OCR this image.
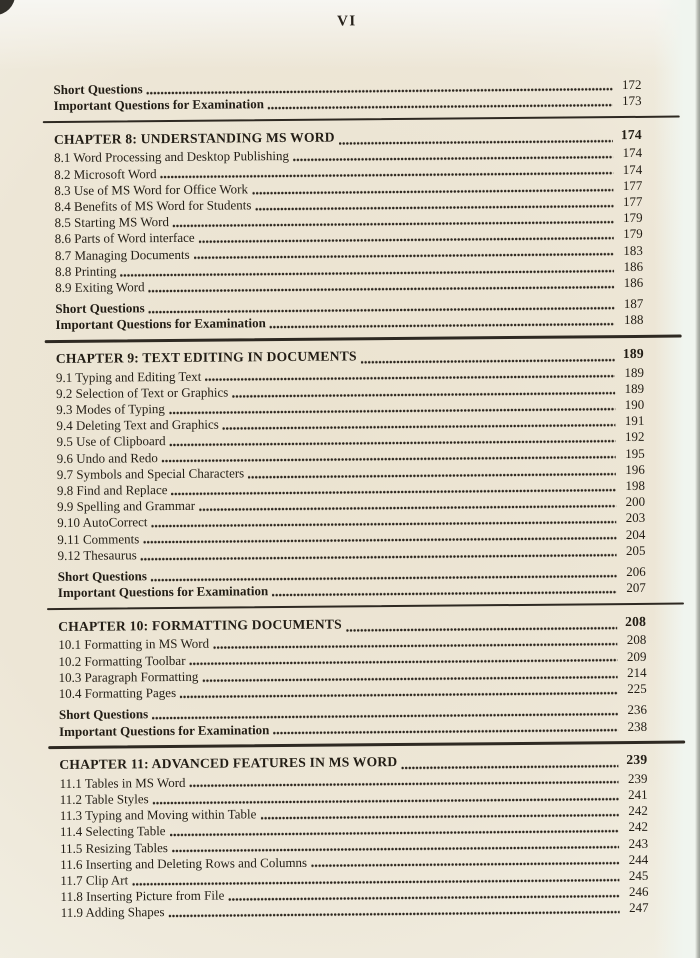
VI
Short Questions	172
Important Questions for Examination	173
CHAPTER 8: UNDERSTANDING MS WORD	174
8.1 Word Processing and Desktop Publishing	174
8.2 Microsoft Word	174
8.3 Use of MS Word for Office Work	177
8.4 Benefits of MS Word for Students	177
8.5 Starting MS Word	179
8.6 Parts of Word interface	179
8.7 Managing Documents	183
8.8 Printing	186
8.9 Exiting Word	186
Short Questions	187
Important Questions for Examination	188
CHAPTER 9: TEXT EDITING IN DOCUMENTS	189
9.1 Typing and Editing Text	189
9.2 Selection of Text or Graphics	189
9.3 Modes of Typing	190
9.4 Deleting Text and Graphics	191
9.5 Use of Clipboard	192
9.6 Undo and Redo	195
9.7 Symbols and Special Characters	196
9.8 Find and Replace	198
9.9 Spelling and Grammar	200
9.10 AutoCorrect	203
9.11 Comments	204
9.12 Thesaurus	205
Short Questions	206
Important Questions for Examination	207
CHAPTER 10: FORMATTING DOCUMENTS	208
10.1 Formatting in MS Word	208
10.2 Formatting Toolbar	209
10.3 Paragraph Formatting	214
10.4 Formatting Pages	225
Short Questions	236
Important Questions for Examination	238
CHAPTER 11: ADVANCED FEATURES IN MS WORD	239
11.1 Tables in MS Word	239
11.2 Table Styles	241
11.3 Typing and Moving within Table	242
11.4 Selecting Table	242
11.5 Resizing Tables	243
11.6 Inserting and Deleting Rows and Columns	244
11.7 Clip Art	245
11.8 Inserting Picture from File	246
11.9 Adding Shapes	247
